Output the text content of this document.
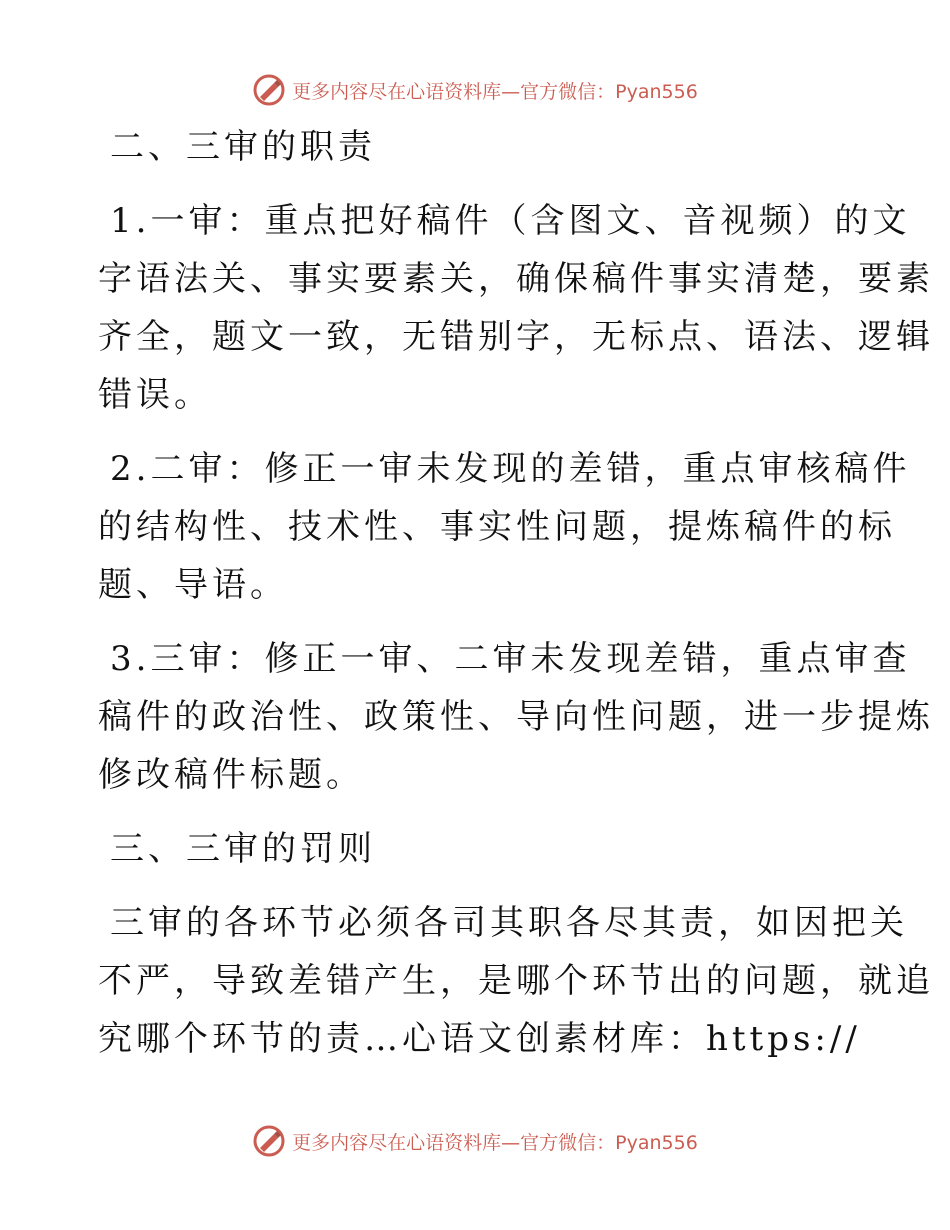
更多内容尽在心语资料库—官方微信：Pyan556
二、三审的职责
1.一审：重点把好稿件（含图文、音视频）的文
字语法关、事实要素关，确保稿件事实清楚，要素
齐全，题文一致，无错别字，无标点、语法、逻辑
错误。
2.二审：修正一审未发现的差错，重点审核稿件
的结构性、技术性、事实性问题，提炼稿件的标
题、导语。
3.三审：修正一审、二审未发现差错，重点审查
稿件的政治性、政策性、导向性问题，进一步提炼
修改稿件标题。
三、三审的罚则
三审的各环节必须各司其职各尽其责，如因把关
不严，导致差错产生，是哪个环节出的问题，就追
究哪个环节的责…心语文创素材库：https://
更多内容尽在心语资料库—官方微信：Pyan556
